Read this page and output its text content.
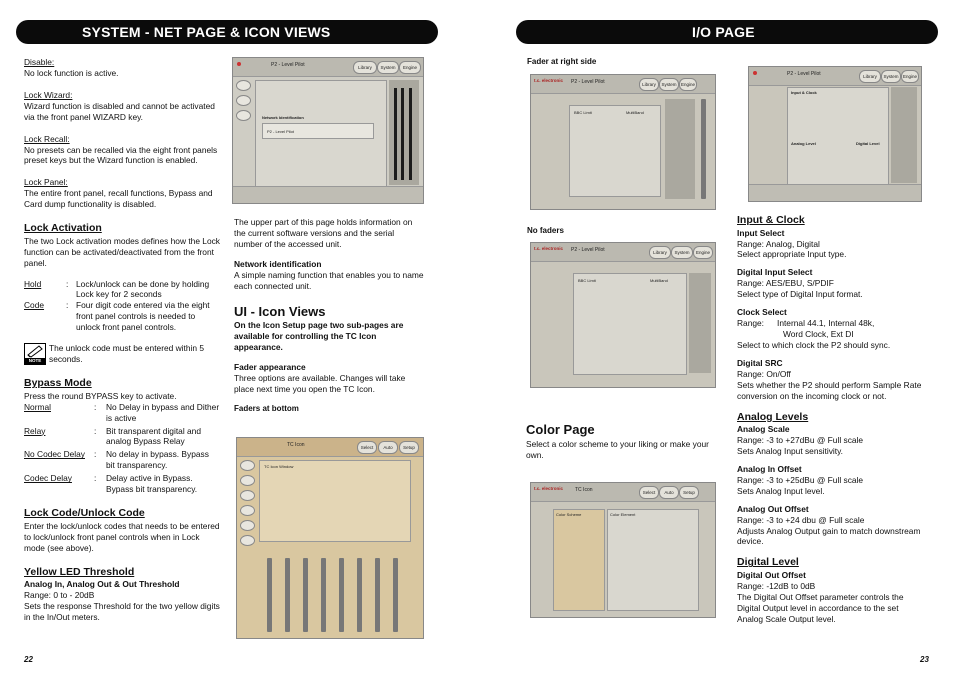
SYSTEM - NET PAGE & ICON VIEWS

Disable:

No lock function is active.

Lock Wizard:

Wizard function is disabled and cannot be activated via the front panel WIZARD key.

Lock Recall:

No presets can be recalled via the eight front panels preset keys but the Wizard function is enabled.

Lock Panel:

The entire front panel, recall functions, Bypass and Card dump functionality is disabled.

Lock Activation

The two Lock activation modes defines how the Lock function can be activated/deactivated from the front panel.

Hold	: Lock/unlock can be done by holding Lock key for 2 seconds
Code	: Four digit code entered via the eight front panel controls is needed to unlock front panel controls.
NOTE
The unlock code must be entered within 5 seconds.

Bypass Mode

Press the round BYPASS key to activate.

Normal	:	No Delay in bypass and Dither is active
Relay	:	Bit transparent digital and analog Bypass Relay
No Codec Delay	:	No delay in bypass. Bypass bit transparency.
Codec Delay	:	Delay active in Bypass. Bypass bit transparency.

Lock Code/Unlock Code

Enter the lock/unlock codes that needs to be entered to lock/unlock front panel controls when in Lock mode (see above).

Yellow LED Threshold

Analog In, Analog Out & Out Threshold

Range: 0 to - 20dB

Sets the response Threshold for the two yellow digits in the In/Out meters.

22
P2 - Level Pilot	Library	System	Engine
Network Identification
P2 - Level Pilot

The upper part of this page holds information on the current software versions and the serial number of the accessed unit.

Network identification

A simple naming function that enables you to name each connected unit.

UI - Icon Views

On the Icon Setup page two sub-pages are available for controlling the TC Icon appearance.

Fader appearance

Three options are available. Changes will take place next time you open the TC Icon.

Faders at bottom

TC Icon	Select	Auto	Setup
TC Icon Window
I/O PAGE

Fader at right side

t.c. electronic P2 - Level Pilot	Library	System Engine
BBC Limit	MultiBand

No faders

t.c. electronic P2 - Level Pilot	Library	System	Engine
BBC Limit	MultiBand

Color Page

Select a color scheme to your liking or make your own.

t.c. electronic TC Icon	Select	Auto	Setup
Color Scheme	Color Element
P2 - Level Pilot	Library	System Engine
Input & Clock
Analog Level	Digital Level

Input & Clock

Input Select

Range: Analog, Digital

Select appropriate Input type.

Digital Input Select

Range: AES/EBU, S/PDIF

Select type of Digital Input format.

Clock Select

Range:	Internal 44.1, Internal 48k,
Word Clock, Ext DI

Select to which clock the P2 should sync.

Digital SRC

Range: On/Off

Sets whether the P2 should perform Sample Rate conversion on the incoming clock or not.

Analog Levels

Analog Scale

Range: -3 to +27dBu @ Full scale

Sets Analog Input sensitivity.

Analog In Offset

Range: -3 to +25dBu @ Full scale

Sets Analog Input level.

Analog Out Offset

Range: -3 to +24 dbu @ Full scale

Adjusts Analog Output gain to match downstream device.

Digital Level

Digital Out Offset

Range: -12dB to 0dB

The Digital Out Offset parameter controls the Digital Output level in accordance to the set Analog Scale Output level.

23
